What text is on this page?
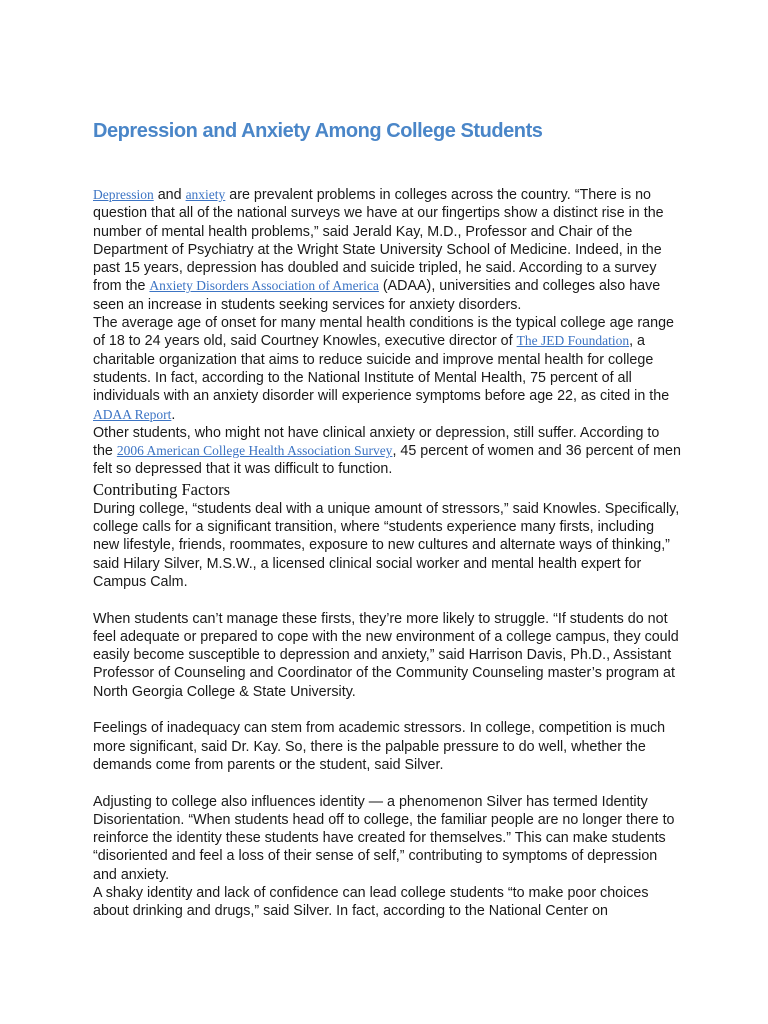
Depression and Anxiety Among College Students

Depression and anxiety are prevalent problems in colleges across the country. “There is no question that all of the national surveys we have at our fingertips show a distinct rise in the number of mental health problems,” said Jerald Kay, M.D., Professor and Chair of the Department of Psychiatry at the Wright State University School of Medicine. Indeed, in the past 15 years, depression has doubled and suicide tripled, he said. According to a survey from the Anxiety Disorders Association of America (ADAA), universities and colleges also have seen an increase in students seeking services for anxiety disorders.

The average age of onset for many mental health conditions is the typical college age range of 18 to 24 years old, said Courtney Knowles, executive director of The JED Foundation, a charitable organization that aims to reduce suicide and improve mental health for college students. In fact, according to the National Institute of Mental Health, 75 percent of all individuals with an anxiety disorder will experience symptoms before age 22, as cited in the ADAA Report.

Other students, who might not have clinical anxiety or depression, still suffer. According to the 2006 American College Health Association Survey, 45 percent of women and 36 percent of men felt so depressed that it was difficult to function.

Contributing Factors

During college, “students deal with a unique amount of stressors,” said Knowles. Specifically, college calls for a significant transition, where “students experience many firsts, including new lifestyle, friends, roommates, exposure to new cultures and alternate ways of thinking,” said Hilary Silver, M.S.W., a licensed clinical social worker and mental health expert for Campus Calm.

When students can’t manage these firsts, they’re more likely to struggle. “If students do not feel adequate or prepared to cope with the new environment of a college campus, they could easily become susceptible to depression and anxiety,” said Harrison Davis, Ph.D., Assistant Professor of Counseling and Coordinator of the Community Counseling master’s program at North Georgia College & State University.

Feelings of inadequacy can stem from academic stressors. In college, competition is much more significant, said Dr. Kay. So, there is the palpable pressure to do well, whether the demands come from parents or the student, said Silver.

Adjusting to college also influences identity — a phenomenon Silver has termed Identity Disorientation. “When students head off to college, the familiar people are no longer there to reinforce the identity these students have created for themselves.” This can make students “disoriented and feel a loss of their sense of self,” contributing to symptoms of depression and anxiety.

A shaky identity and lack of confidence can lead college students “to make poor choices about drinking and drugs,” said Silver. In fact, according to the National Center on
